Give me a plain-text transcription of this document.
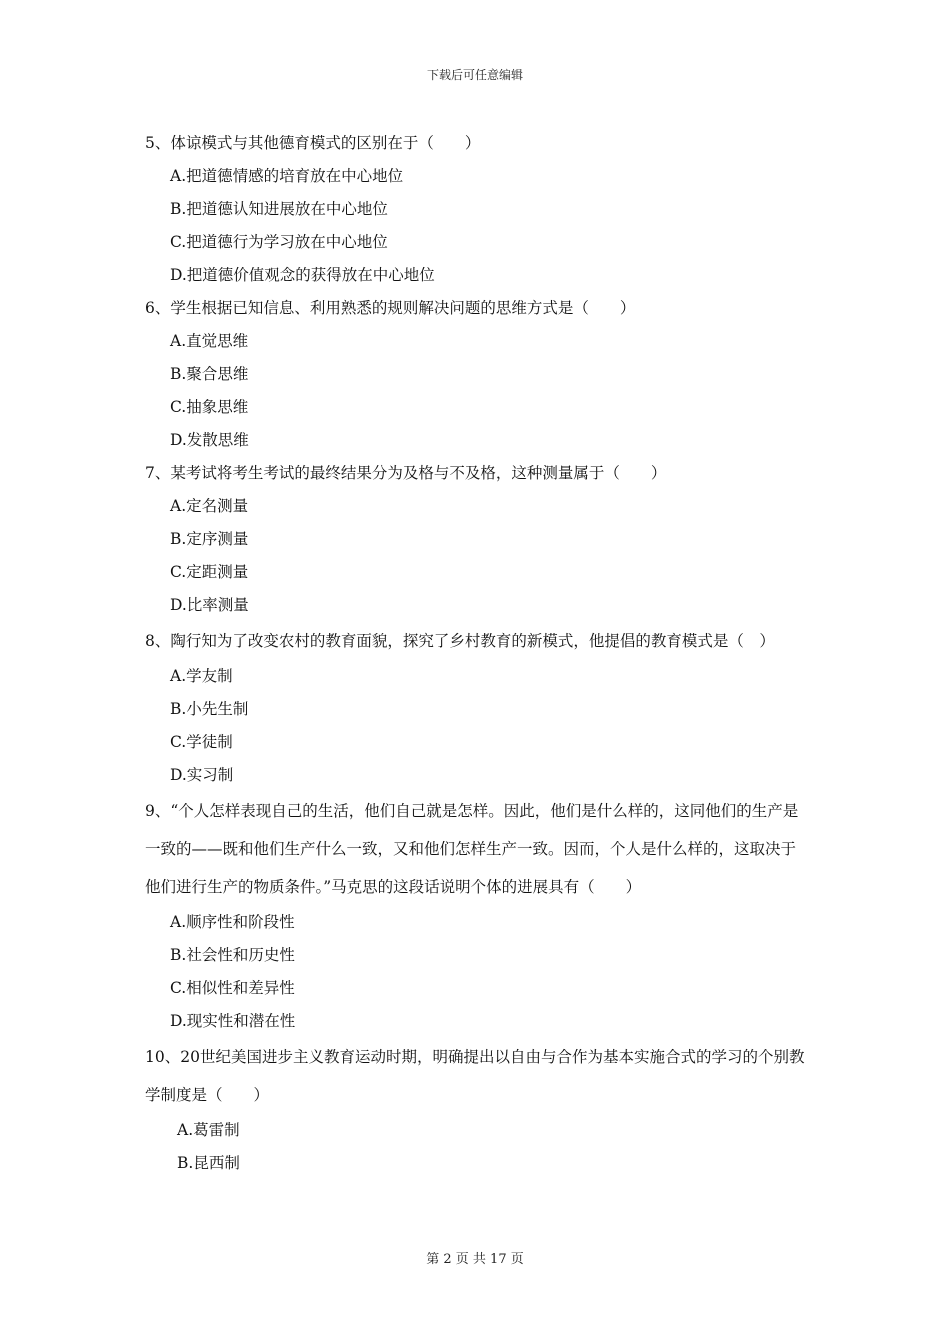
下载后可任意编辑

5、体谅模式与其他德育模式的区别在于（　　）

A.把道德情感的培育放在中心地位

B.把道德认知进展放在中心地位

C.把道德行为学习放在中心地位

D.把道德价值观念的获得放在中心地位

6、学生根据已知信息、利用熟悉的规则解决问题的思维方式是（　　）

A.直觉思维

B.聚合思维

C.抽象思维

D.发散思维

7、某考试将考生考试的最终结果分为及格与不及格，这种测量属于（　　）

A.定名测量

B.定序测量

C.定距测量

D.比率测量

8、陶行知为了改变农村的教育面貌，探究了乡村教育的新模式，他提倡的教育模式是（　）

A.学友制

B.小先生制

C.学徒制

D.实习制

9、“个人怎样表现自己的生活，他们自己就是怎样。因此，他们是什么样的，这同他们的生产是一致的——既和他们生产什么一致，又和他们怎样生产一致。因而，个人是什么样的，这取决于他们进行生产的物质条件。”马克思的这段话说明个体的进展具有（　　）

A.顺序性和阶段性

B.社会性和历史性

C.相似性和差异性

D.现实性和潜在性

10、20世纪美国进步主义教育运动时期，明确提出以自由与合作为基本实施合式的学习的个别教学制度是（　　）

A.葛雷制

B.昆西制

第 2 页 共 17 页
